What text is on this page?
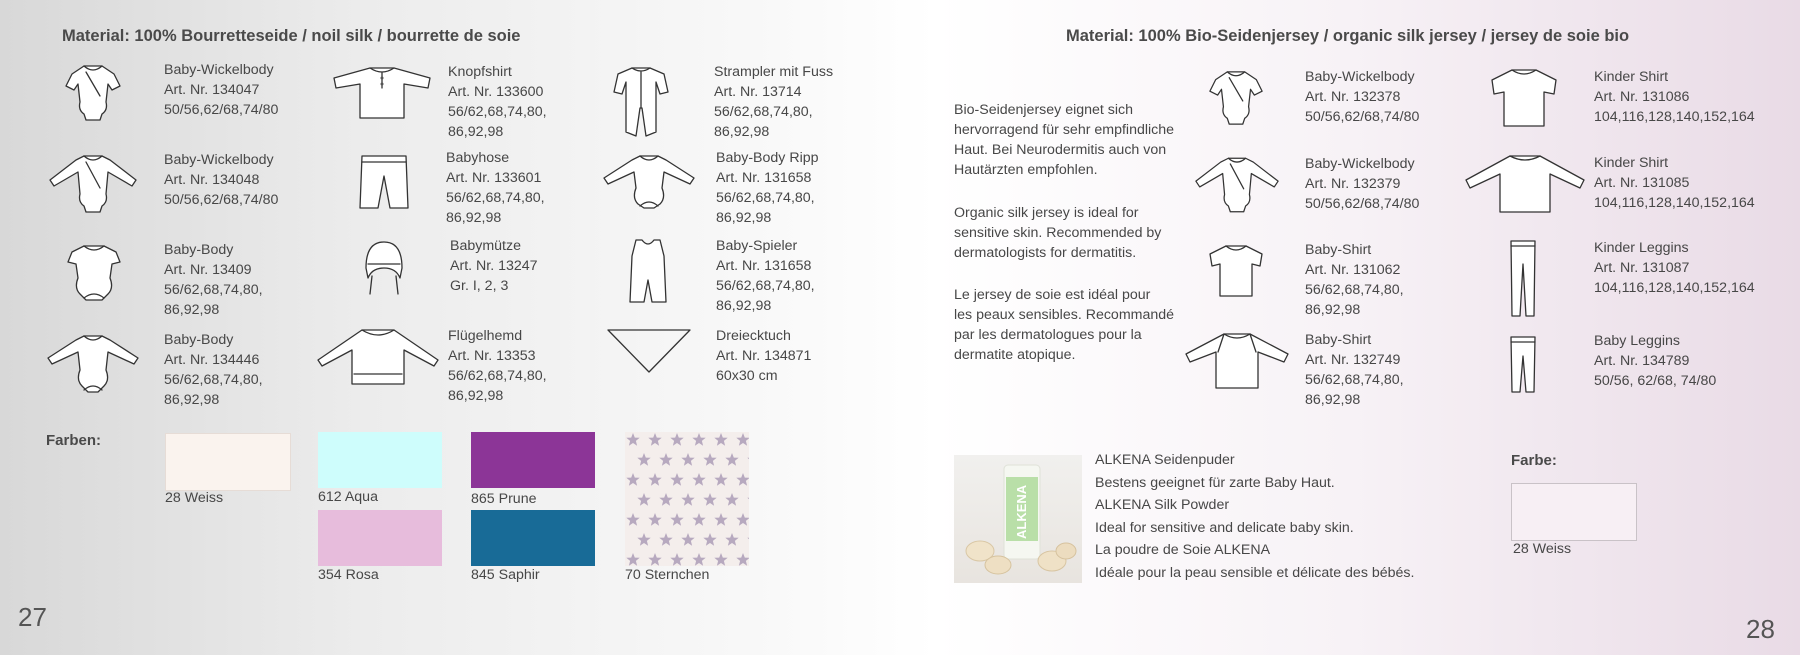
Material: 100% Bourretteseide / noil silk / bourrette de soie
Baby-Wickelbody
Art. Nr. 134047
50/56,62/68,74/80
Baby-Wickelbody
Art. Nr. 134048
50/56,62/68,74/80
Baby-Body
Art. Nr. 13409
56/62,68,74,80,
86,92,98
Baby-Body
Art. Nr. 134446
56/62,68,74,80,
86,92,98
Knopfshirt
Art. Nr. 133600
56/62,68,74,80,
86,92,98
Babyhose
Art. Nr. 133601
56/62,68,74,80,
86,92,98
Babymütze
Art. Nr. 13247
Gr. I, 2, 3
Flügelhemd
Art. Nr. 13353
56/62,68,74,80,
86,92,98
Strampler mit Fuss
Art. Nr. 13714
56/62,68,74,80,
86,92,98
Baby-Body Ripp
Art. Nr. 131658
56/62,68,74,80,
86,92,98
Baby-Spieler
Art. Nr. 131658
56/62,68,74,80,
86,92,98
Dreiecktuch
Art. Nr. 134871
60x30 cm
Farben:
28 Weiss	612 Aqua
354 Rosa
865 Prune
845 Saphir	70 Sternchen
27
Material: 100% Bio-Seidenjersey / organic silk jersey / jersey de soie bio
Bio-Seidenjersey eignet sich
hervorragend für sehr empfindliche
Haut. Bei Neurodermitis auch von
Hautärzten empfohlen.
Organic silk jersey is ideal for
sensitive skin. Recommended by
dermatologists for dermatitis.
Le jersey de soie est idéal pour
les peaux sensibles. Recommandé
par les dermatologues pour la
dermatite atopique.
Baby-Wickelbody
Art. Nr. 132378
50/56,62/68,74/80
Baby-Wickelbody
Art. Nr. 132379
50/56,62/68,74/80
Baby-Shirt
Art. Nr. 131062
56/62,68,74,80,
86,92,98
Baby-Shirt
Art. Nr. 132749
56/62,68,74,80,
86,92,98
Kinder Shirt
Art. Nr. 131086
104,116,128,140,152,164
Kinder Shirt
Art. Nr. 131085
104,116,128,140,152,164
Kinder Leggins
Art. Nr. 131087
104,116,128,140,152,164
Baby Leggins
Art. Nr. 134789
50/56, 62/68, 74/80
ALKENA
ALKENA Seidenpuder
Bestens geeignet für zarte Baby Haut.
ALKENA Silk Powder
Ideal for sensitive and delicate baby skin.
La poudre de Soie ALKENA
Idéale pour la peau sensible et délicate des bébés.
Farbe:
28 Weiss
28
